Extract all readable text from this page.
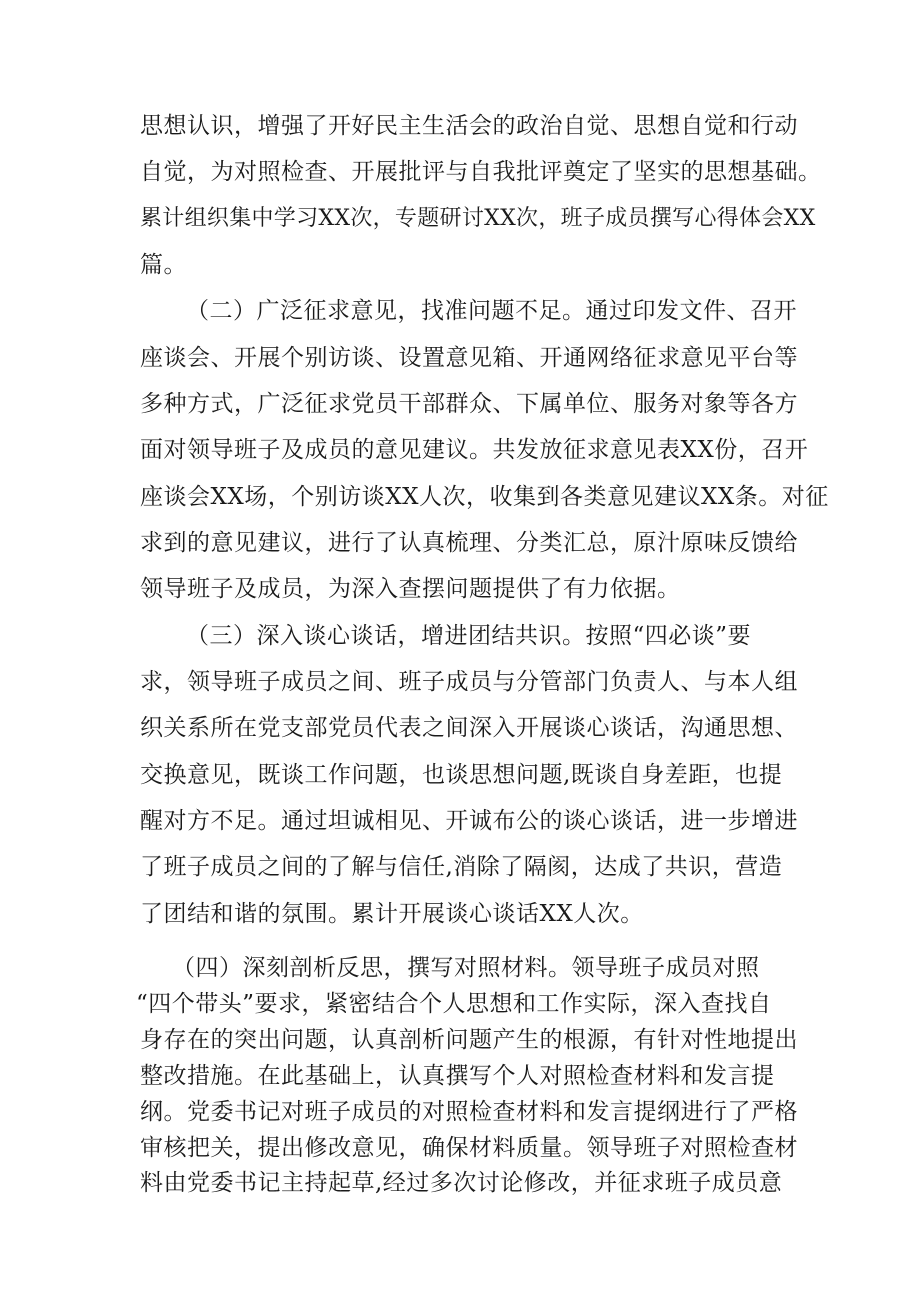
思想认识，增强了开好民主生活会的政治自觉、思想自觉和行动
自觉，为对照检查、开展批评与自我批评奠定了坚实的思想基础。
累计组织集中学习XX次，专题研讨XX次，班子成员撰写心得体会XX
篇。
（二）广泛征求意见，找准问题不足。通过印发文件、召开
座谈会、开展个别访谈、设置意见箱、开通网络征求意见平台等
多种方式，广泛征求党员干部群众、下属单位、服务对象等各方
面对领导班子及成员的意见建议。共发放征求意见表XX份，召开
座谈会XX场，个别访谈XX人次，收集到各类意见建议XX条。对征
求到的意见建议，进行了认真梳理、分类汇总，原汁原味反馈给
领导班子及成员，为深入查摆问题提供了有力依据。
（三）深入谈心谈话，增进团结共识。按照“四必谈”要
求，领导班子成员之间、班子成员与分管部门负责人、与本人组
织关系所在党支部党员代表之间深入开展谈心谈话，沟通思想、
交换意见，既谈工作问题，也谈思想问题,既谈自身差距，也提
醒对方不足。通过坦诚相见、开诚布公的谈心谈话，进一步增进
了班子成员之间的了解与信任,消除了隔阂，达成了共识，营造
了团结和谐的氛围。累计开展谈心谈话XX人次。
（四）深刻剖析反思，撰写对照材料。领导班子成员对照
“四个带头”要求，紧密结合个人思想和工作实际，深入查找自
身存在的突出问题，认真剖析问题产生的根源，有针对性地提出
整改措施。在此基础上，认真撰写个人对照检查材料和发言提
纲。党委书记对班子成员的对照检查材料和发言提纲进行了严格
审核把关，提出修改意见，确保材料质量。领导班子对照检查材
料由党委书记主持起草,经过多次讨论修改，并征求班子成员意
